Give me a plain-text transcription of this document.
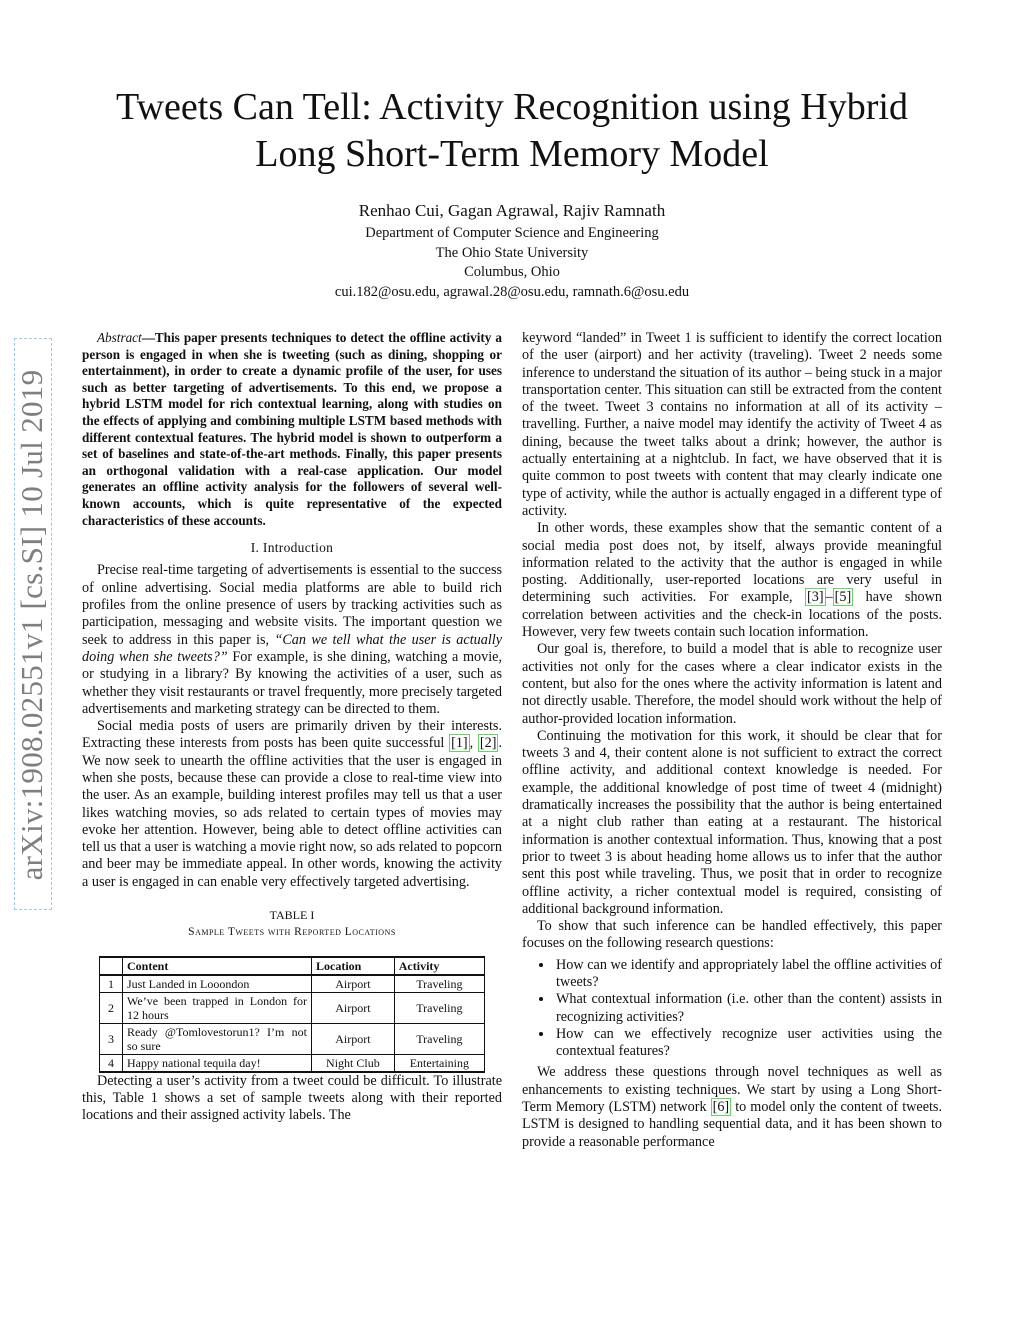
arXiv:1908.02551v1 [cs.SI] 10 Jul 2019
Tweets Can Tell: Activity Recognition using Hybrid
Long Short-Term Memory Model
Renhao Cui, Gagan Agrawal, Rajiv Ramnath
Department of Computer Science and Engineering
The Ohio State University
Columbus, Ohio
cui.182@osu.edu, agrawal.28@osu.edu, ramnath.6@osu.edu

Abstract—This paper presents techniques to detect the offline activity a person is engaged in when she is tweeting (such as dining, shopping or entertainment), in order to create a dynamic profile of the user, for uses such as better targeting of advertisements. To this end, we propose a hybrid LSTM model for rich contextual learning, along with studies on the effects of applying and combining multiple LSTM based methods with different contextual features. The hybrid model is shown to outperform a set of baselines and state-of-the-art methods. Finally, this paper presents an orthogonal validation with a real-case application. Our model generates an offline activity analysis for the followers of several well-known accounts, which is quite representative of the expected characteristics of these accounts.

I. Introduction

Precise real-time targeting of advertisements is essential to the success of online advertising. Social media platforms are able to build rich profiles from the online presence of users by tracking activities such as participation, messaging and website visits. The important question we seek to address in this paper is, “Can we tell what the user is actually doing when she tweets?” For example, is she dining, watching a movie, or studying in a library? By knowing the activities of a user, such as whether they visit restaurants or travel frequently, more precisely targeted advertisements and marketing strategy can be directed to them.

Social media posts of users are primarily driven by their interests. Extracting these interests from posts has been quite successful [1] , [2] . We now seek to unearth the offline activities that the user is engaged in when she posts, because these can provide a close to real-time view into the user. As an example, building interest profiles may tell us that a user likes watching movies, so ads related to certain types of movies may evoke her attention. However, being able to detect offline activities can tell us that a user is watching a movie right now, so ads related to popcorn and beer may be immediate appeal. In other words, knowing the activity a user is engaged in can enable very effectively targeted advertising.

TABLE I
Sample Tweets with Reported Locations
	Content	Location	Activity
1	Just Landed in Looondon	Airport	Traveling
2	We’ve been trapped in London for 12 hours	Airport	Traveling
3	Ready @Tomlovestorun1? I’m not so sure	Airport	Traveling
4	Happy national tequila day!	Night Club	Entertaining

Detecting a user’s activity from a tweet could be difficult. To illustrate this, Table 1 shows a set of sample tweets along with their reported locations and their assigned activity labels. The

keyword “landed” in Tweet 1 is sufficient to identify the correct location of the user (airport) and her activity (traveling). Tweet 2 needs some inference to understand the situation of its author – being stuck in a major transportation center. This situation can still be extracted from the content of the tweet. Tweet 3 contains no information at all of its activity – travelling. Further, a naive model may identify the activity of Tweet 4 as dining, because the tweet talks about a drink; however, the author is actually entertaining at a nightclub. In fact, we have observed that it is quite common to post tweets with content that may clearly indicate one type of activity, while the author is actually engaged in a different type of activity.

In other words, these examples show that the semantic content of a social media post does not, by itself, always provide meaningful information related to the activity that the author is engaged in while posting. Additionally, user-reported locations are very useful in determining such activities. For example, [3] – [5] have shown correlation between activities and the check-in locations of the posts. However, very few tweets contain such location information.

Our goal is, therefore, to build a model that is able to recognize user activities not only for the cases where a clear indicator exists in the content, but also for the ones where the activity information is latent and not directly usable. Therefore, the model should work without the help of author-provided location information.

Continuing the motivation for this work, it should be clear that for tweets 3 and 4, their content alone is not sufficient to extract the correct offline activity, and additional context knowledge is needed. For example, the additional knowledge of post time of tweet 4 (midnight) dramatically increases the possibility that the author is being entertained at a night club rather than eating at a restaurant. The historical information is another contextual information. Thus, knowing that a post prior to tweet 3 is about heading home allows us to infer that the author sent this post while traveling. Thus, we posit that in order to recognize offline activity, a richer contextual model is required, consisting of additional background information.

To show that such inference can be handled effectively, this paper focuses on the following research questions:

• How can we identify and appropriately label the offline activities of tweets?
• What contextual information (i.e. other than the content) assists in recognizing activities?
• How can we effectively recognize user activities using the contextual features?

We address these questions through novel techniques as well as enhancements to existing techniques. We start by using a Long Short-Term Memory (LSTM) network [6] to model only the content of tweets. LSTM is designed to handling sequential data, and it has been shown to provide a reasonable performance
